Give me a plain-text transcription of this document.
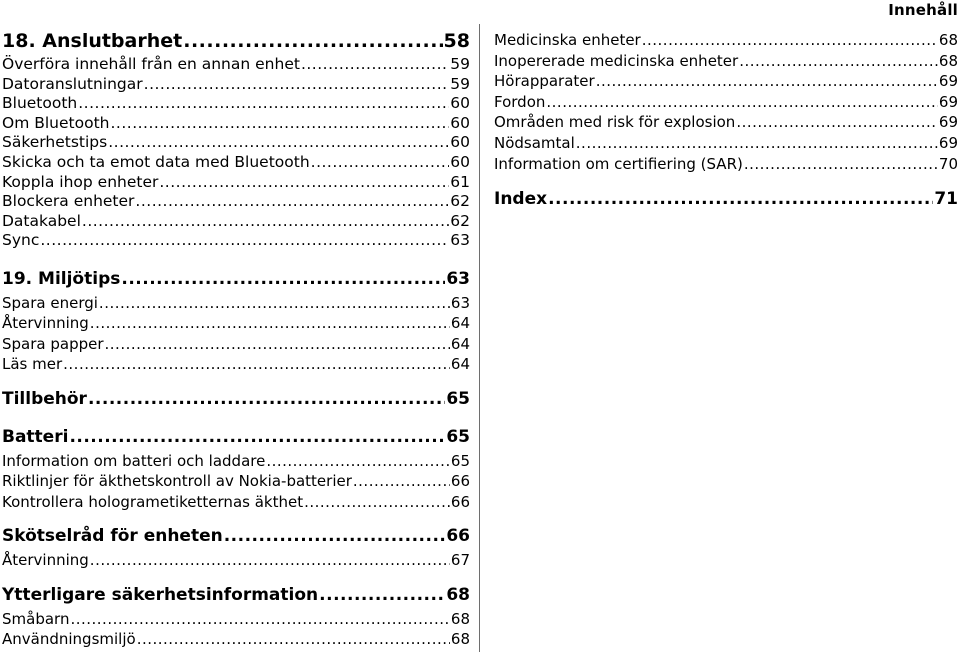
Innehåll
18. Anslutbarhet .....	58
Överföra innehåll från en annan enhet .....	59
Datoranslutningar .....	59
Bluetooth .....	60
Om Bluetooth .....	60
Säkerhetstips .....	60
Skicka och ta emot data med Bluetooth .....	60
Koppla ihop enheter .....	61
Blockera enheter .....	62
Datakabel .....	62
Sync .....	63
19. Miljötips .....	63
Spara energi .....	63
Återvinning .....	64
Spara papper .....	64
Läs mer .....	64
Tillbehör .....	65
Batteri .....	65
Information om batteri och laddare .....	65
Riktlinjer för äkthetskontroll av Nokia-batterier .....	66
Kontrollera hologrametiketternas äkthet .....	66
Skötselråd för enheten .....	66
Återvinning .....	67
Ytterligare säkerhetsinformation .....	68
Småbarn .....	68
Användningsmiljö .....	68
Medicinska enheter .....	68
Inopererade medicinska enheter .....	68
Hörapparater .....	69
Fordon .....	69
Områden med risk för explosion .....	69
Nödsamtal .....	69
Information om certifiering (SAR) .....	70
Index .....	71
